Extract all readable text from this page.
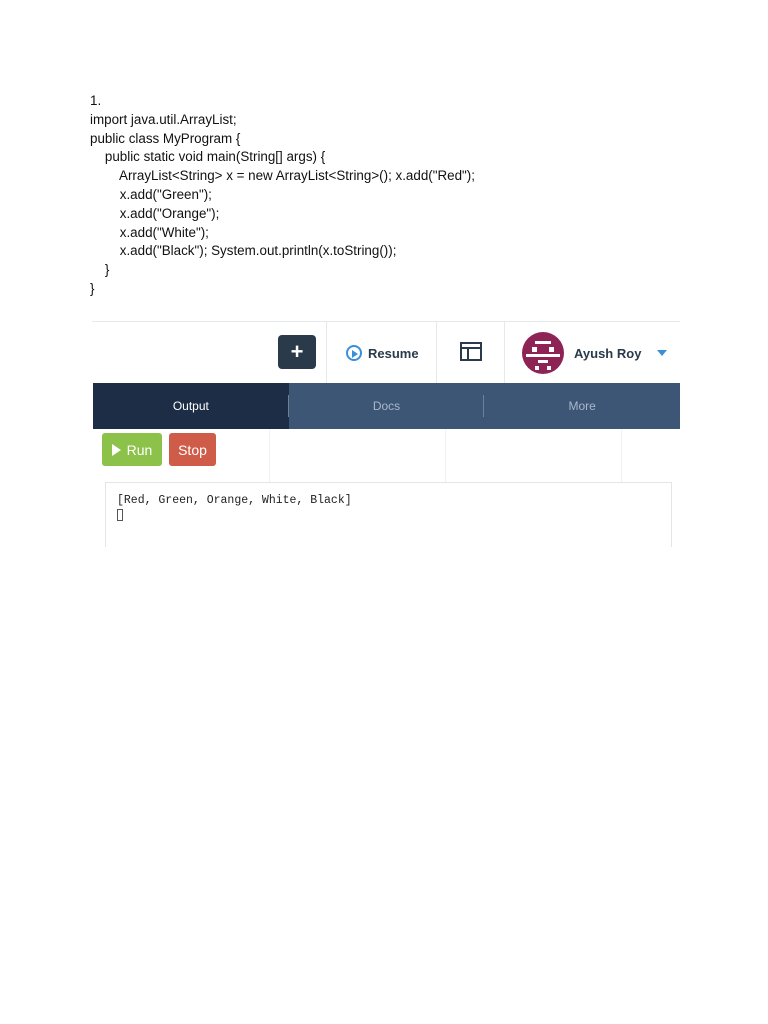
1.
import java.util.ArrayList;
public class MyProgram {
public static void main(String[] args) {
ArrayList<String> x = new ArrayList<String>(); x.add("Red");
x.add("Green");
x.add("Orange");
x.add("White");
x.add("Black"); System.out.println(x.toString());
}
}
+	Resume	Ayush Roy
Output	Docs	More
Run	Stop
[Red, Green, Orange, White, Black]
